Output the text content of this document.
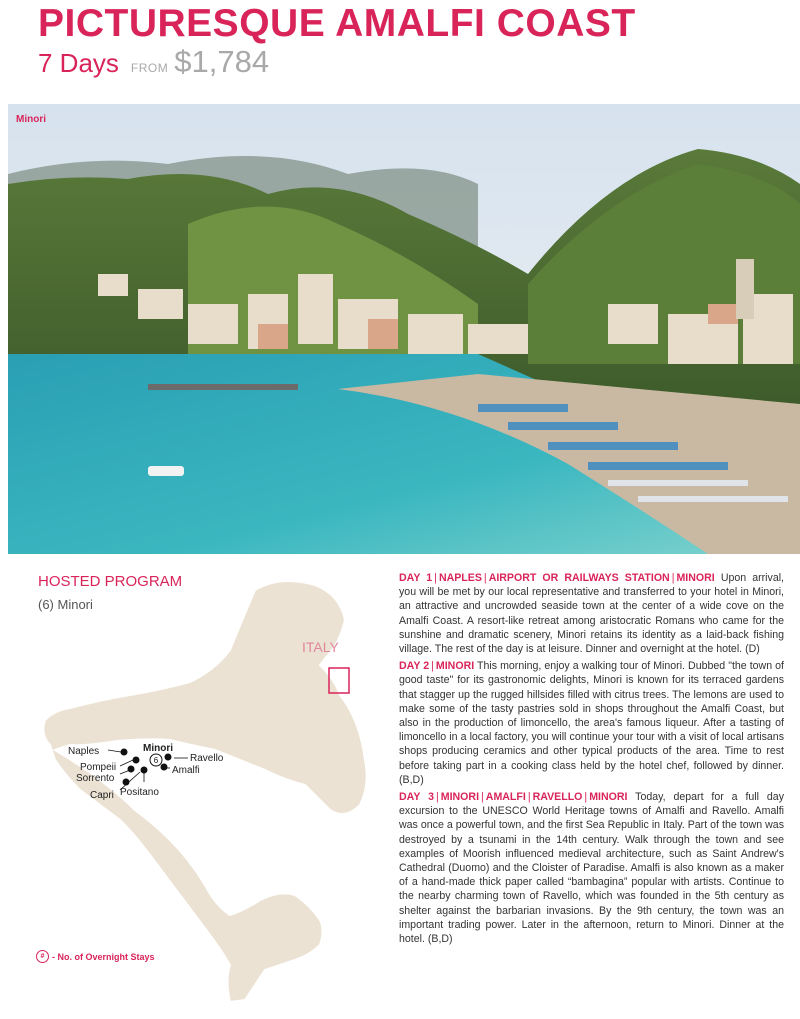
PICTURESQUE AMALFI COAST
7 Days FROM $1,784
Minori
HOSTED PROGRAM
(6) Minori
ITALY
6
Naples	Minori
Ravello
Pompeii
Sorrento
Amalfi
Capri Positano
# - No. of Overnight Stays

DAY 1 | NAPLES | AIRPORT OR RAILWAYS STATION | MINORI Upon arrival, you will be met by our local representative and transferred to your hotel in Minori, an attractive and uncrowded seaside town at the center of a wide cove on the Amalfi Coast. A resort-like retreat among aristocratic Romans who came for the sunshine and dramatic scenery, Minori retains its identity as a laid-back fishing village. The rest of the day is at leisure. Dinner and overnight at the hotel. (D)

DAY 2 | MINORI This morning, enjoy a walking tour of Minori. Dubbed "the town of good taste" for its gastronomic delights, Minori is known for its terraced gardens that stagger up the rugged hillsides filled with citrus trees. The lemons are used to make some of the tasty pastries sold in shops throughout the Amalfi Coast, but also in the production of limoncello, the area's famous liqueur. After a tasting of limoncello in a local factory, you will continue your tour with a visit of local artisans shops producing ceramics and other typical products of the area. Time to rest before taking part in a cooking class held by the hotel chef, followed by dinner. (B,D)

DAY 3 | MINORI | AMALFI | RAVELLO | MINORI Today, depart for a full day excursion to the UNESCO World Heritage towns of Amalfi and Ravello. Amalfi was once a powerful town, and the first Sea Republic in Italy. Part of the town was destroyed by a tsunami in the 14th century. Walk through the town and see examples of Moorish influenced medieval architecture, such as Saint Andrew's Cathedral (Duomo) and the Cloister of Paradise. Amalfi is also known as a maker of a hand-made thick paper called “bambagina” popular with artists. Continue to the nearby charming town of Ravello, which was founded in the 5th century as shelter against the barbarian invasions. By the 9th century, the town was an important trading power. Later in the afternoon, return to Minori. Dinner at the hotel. (B,D)
